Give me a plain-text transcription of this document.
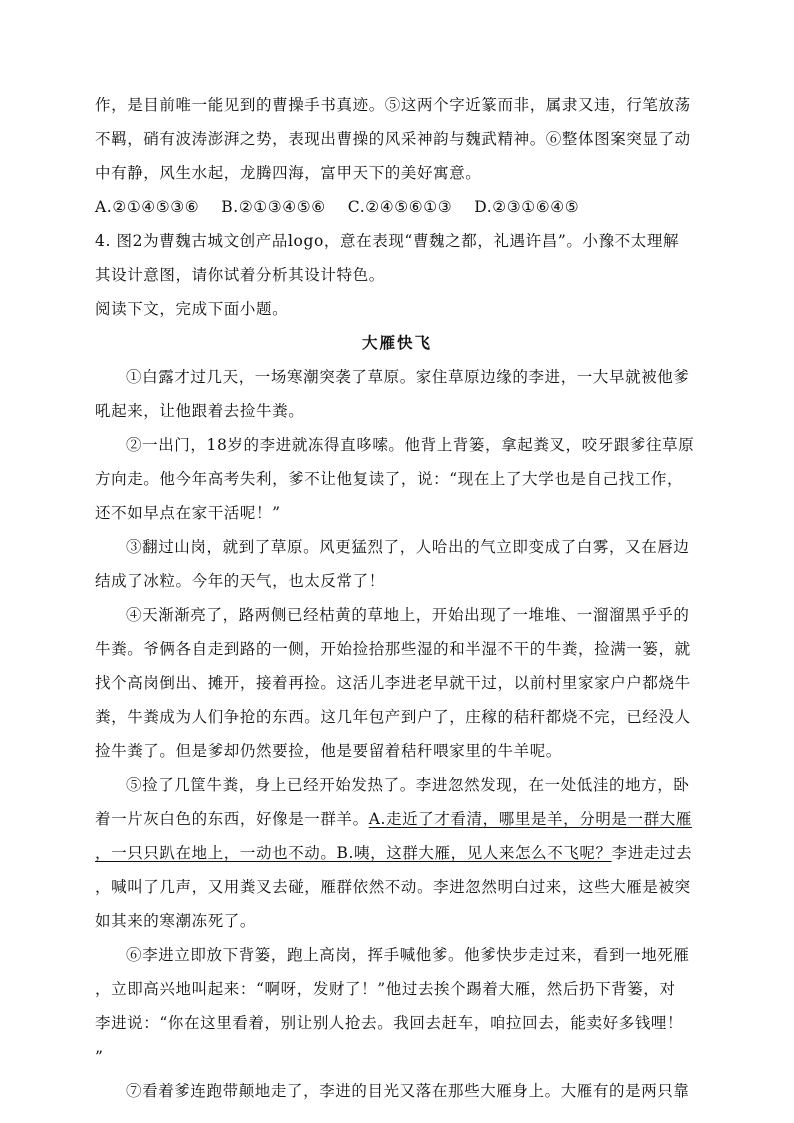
作，是目前唯一能见到的曹操手书真迹。⑤这两个字近篆而非，属隶又违，行笔放荡
不羁，硝有波涛澎湃之势，表现出曹操的风采神韵与魏武精神。⑥整体图案突显了动
中有静，风生水起，龙腾四海，富甲天下的美好寓意。
A.②①④⑤③⑥ B.②①③④⑤⑥ C.②④⑤⑥①③ D.②③①⑥④⑤
4. 图2为曹魏古城文创产品logo，意在表现“曹魏之都，礼遇许昌”。小豫不太理解
其设计意图，请你试着分析其设计特色。
阅读下文，完成下面小题。
大雁快飞
①白露才过几天，一场寒潮突袭了草原。家住草原边缘的李进，一大早就被他爹
吼起来，让他跟着去捡牛粪。
②一出门，18岁的李进就冻得直哆嗦。他背上背篓，拿起粪叉，咬牙跟爹往草原
方向走。他今年高考失利，爹不让他复读了，说：“现在上了大学也是自己找工作，
还不如早点在家干活呢！”
③翻过山岗，就到了草原。风更猛烈了，人哈出的气立即变成了白雾，又在唇边
结成了冰粒。今年的天气，也太反常了！
④天渐渐亮了，路两侧已经枯黄的草地上，开始出现了一堆堆、一溜溜黑乎乎的
牛粪。爷俩各自走到路的一侧，开始捡拾那些湿的和半湿不干的牛粪，捡满一篓，就
找个高岗倒出、摊开，接着再捡。这活儿李进老早就干过，以前村里家家户户都烧牛
粪，牛粪成为人们争抢的东西。这几年包产到户了，庄稼的秸秆都烧不完，已经没人
捡牛粪了。但是爹却仍然要捡，他是要留着秸秆喂家里的牛羊呢。
⑤捡了几筐牛粪，身上已经开始发热了。李进忽然发现，在一处低洼的地方，卧
着一片灰白色的东西，好像是一群羊。A.走近了才看清，哪里是羊，分明是一群大雁
，一只只趴在地上，一动也不动。B.咦，这群大雁，见人来怎么不飞呢？李进走过去
，喊叫了几声，又用粪叉去碰，雁群依然不动。李进忽然明白过来，这些大雁是被突
如其来的寒潮冻死了。
⑥李进立即放下背篓，跑上高岗，挥手喊他爹。他爹快步走过来，看到一地死雁
，立即高兴地叫起来：“啊呀，发财了！”他过去挨个踢着大雁，然后扔下背篓，对
李进说：“你在这里看着，别让别人抢去。我回去赶车，咱拉回去，能卖好多钱哩！
”
⑦看着爹连跑带颠地走了，李进的目光又落在那些大雁身上。大雁有的是两只靠
